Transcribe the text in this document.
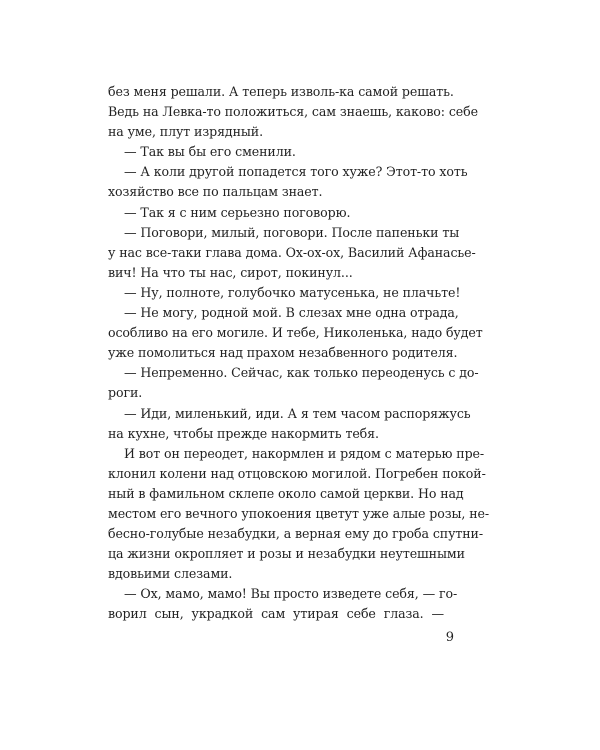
без меня решали. А теперь изволь-ка самой решать.
Ведь на Левка-то положиться, сам знаешь, каково: себе
на уме, плут изрядный.
— Так вы бы его сменили.
— А коли другой попадется того хуже? Этот-то хоть
хозяйство все по пальцам знает.
— Так я с ним серьезно поговорю.
— Поговори, милый, поговори. После папеньки ты
у нас все-таки глава дома. Ох-ох-ох, Василий Афанасье-
вич! На что ты нас, сирот, покинул...
— Ну, полноте, голубочко матусенька, не плачьте!
— Не могу, родной мой. В слезах мне одна отрада,
особливо на его могиле. И тебе, Николенька, надо будет
уже помолиться над прахом незабвенного родителя.
— Непременно. Сейчас, как только переоденусь с до-
роги.
— Иди, миленький, иди. А я тем часом распоряжусь
на кухне, чтобы прежде накормить тебя.
И вот он переодет, накормлен и рядом с матерью пре-
клонил колени над отцовскою могилой. Погребен покой-
ный в фамильном склепе около самой церкви. Но над
местом его вечного упокоения цветут уже алые розы, не-
бесно-голубые незабудки, а верная ему до гроба спутни-
ца жизни окропляет и розы и незабудки неутешными
вдовьими слезами.
— Ох, мамо, мамо! Вы просто изведете себя, — го-
ворил сын, украдкой сам утирая себе глаза. —
9
